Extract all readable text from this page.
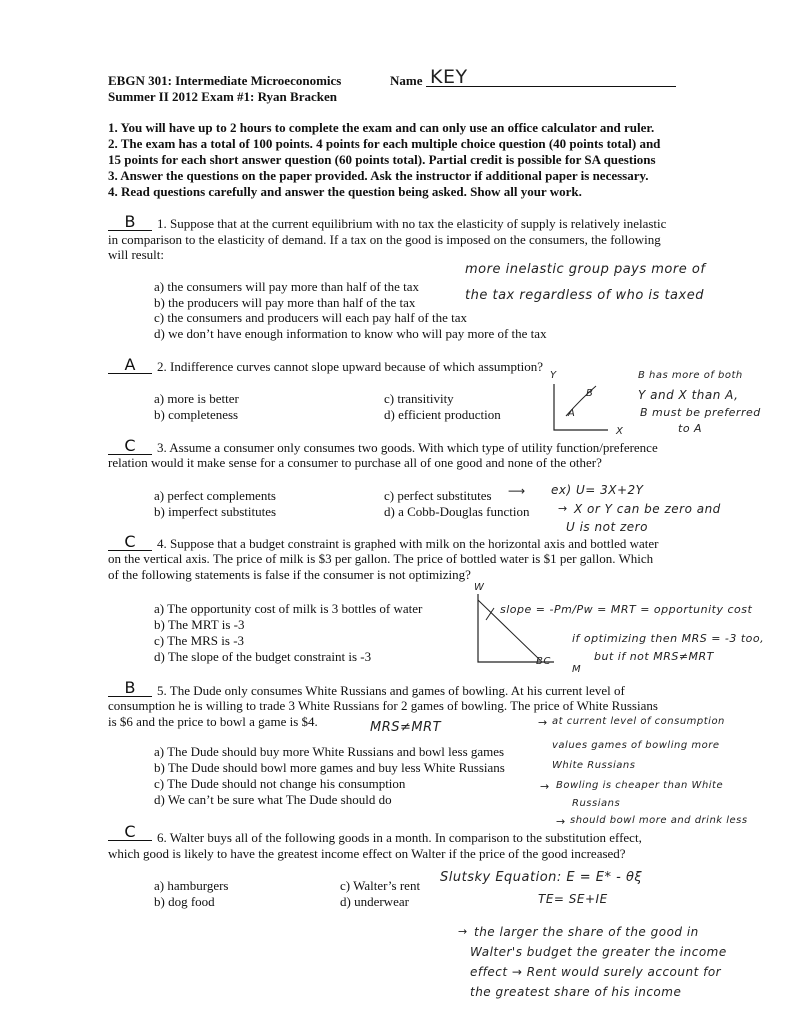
EBGN 301: Intermediate Microeconomics
Summer II 2012 Exam #1: Ryan Bracken
Name KEY
1. You will have up to 2 hours to complete the exam and can only use an office calculator and ruler.
2. The exam has a total of 100 points. 4 points for each multiple choice question (40 points total) and
15 points for each short answer question (60 points total). Partial credit is possible for SA questions
3. Answer the questions on the paper provided. Ask the instructor if additional paper is necessary.
4. Read questions carefully and answer the question being asked. Show all your work.
B	1. Suppose that at the current equilibrium with no tax the elasticity of supply is relatively inelastic
in comparison to the elasticity of demand. If a tax on the good is imposed on the consumers, the following
will result:
a) the consumers will pay more than half of the tax
b) the producers will pay more than half of the tax
c) the consumers and producers will each pay half of the tax
d) we don’t have enough information to know who will pay more of the tax
more inelastic group pays more of
the tax regardless of who is taxed
A	2. Indifference curves cannot slope upward because of which assumption?
a) more is better
b) completeness
c) transitivity
d) efficient production
Y
B
A
X
B has more of both
Y and X than A,
B must be preferred
to A
C	3. Assume a consumer only consumes two goods. With which type of utility function/preference
relation would it make sense for a consumer to purchase all of one good and none of the other?
a) perfect complements
b) imperfect substitutes
c) perfect substitutes
d) a Cobb-Douglas function
⟶ ex) U= 3X+2Y
→ X or Y can be zero and
U is not zero
C	4. Suppose that a budget constraint is graphed with milk on the horizontal axis and bottled water
on the vertical axis. The price of milk is $3 per gallon. The price of bottled water is $1 per gallon. Which
of the following statements is false if the consumer is not optimizing?
a) The opportunity cost of milk is 3 bottles of water
b) The MRT is -3
c) The MRS is -3
d) The slope of the budget constraint is -3
W
BC
M
slope = -Pm/Pw = MRT = opportunity cost
if optimizing then MRS = -3 too,
but if not MRS≠MRT
B	5. The Dude only consumes White Russians and games of bowling. At his current level of
consumption he is willing to trade 3 White Russians for 2 games of bowling. The price of White Russians
is $6 and the price to bowl a game is $4.
a) The Dude should buy more White Russians and bowl less games
b) The Dude should bowl more games and buy less White Russians
c) The Dude should not change his consumption
d) We can’t be sure what The Dude should do
MRS≠MRT	→ at current level of consumption
values games of bowling more
White Russians
→ Bowling is cheaper than White
Russians
→ should bowl more and drink less
C	6. Walter buys all of the following goods in a month. In comparison to the substitution effect,
which good is likely to have the greatest income effect on Walter if the price of the good increased?
a) hamburgers
b) dog food
c) Walter’s rent
d) underwear
Slutsky Equation: E = E* - θξ
TE= SE+IE
→ the larger the share of the good in
Walter's budget the greater the income
effect → Rent would surely account for
the greatest share of his income
